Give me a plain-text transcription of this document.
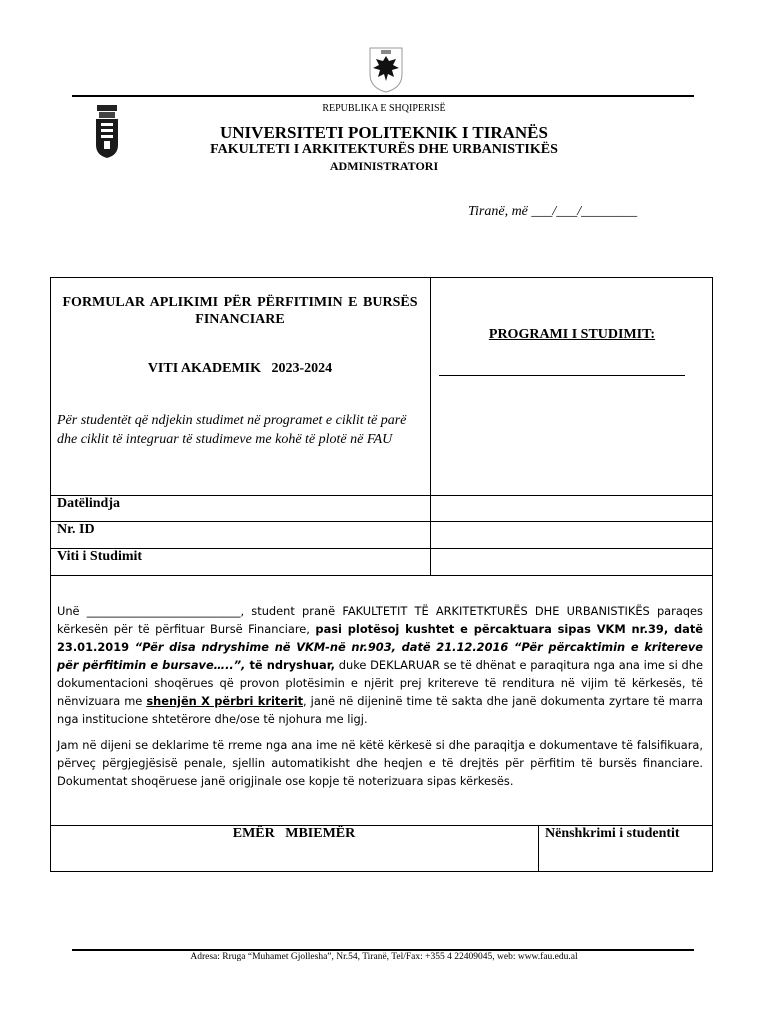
REPUBLIKA E SHQIPERISË
UNIVERSITETI POLITEKNIK I TIRANËS
FAKULTETI I ARKITEKTURËS DHE URBANISTIKËS
ADMINISTRATORI
Tiranë, më ___/___/________
FORMULAR APLIKIMI PËR PËRFITIMIN E BURSËS FINANCIARE
VITI AKADEMIK   2023-2024
Për studentët që ndjekin studimet në programet e ciklit të parë dhe ciklit të integruar të studimeve me kohë të plotë në FAU
PROGRAMI I STUDIMIT:
Datëlindja
Nr. ID
Viti i Studimit
Unë ___________________________, student pranë FAKULTETIT TË ARKITETKTURËS DHE URBANISTIKËS paraqes kërkesën për të përfituar Bursë Financiare, pasi plotësoj kushtet e përcaktuara sipas VKM nr.39, datë 23.01.2019 “Për disa ndryshime në VKM-në nr.903, datë 21.12.2016 “Për përcaktimin e kritereve për përfitimin e bursave…..”, të ndryshuar, duke DEKLARUAR se të dhënat e paraqitura nga ana ime si dhe dokumentacioni shoqërues që provon plotësimin e njërit prej kritereve të renditura në vijim të kërkesës, të nënvizuara me shenjën X përbri kriterit, janë në dijeninë time të sakta dhe janë dokumenta zyrtare të marra nga institucione shtetërore dhe/ose të njohura me ligj.
Jam në dijeni se deklarime të rreme nga ana ime në këtë kërkesë si dhe paraqitja e dokumentave të falsifikuara, përveç përgjegjësisë penale, sjellin automatikisht dhe heqjen e të drejtës për përfitim të bursës financiare. Dokumentat shoqëruese janë origjinale ose kopje të noterizuara sipas kërkesës.
EMËR   MBIEMËR	Nënshkrimi i studentit
Adresa: Rruga “Muhamet Gjollesha”, Nr.54, Tiranë, Tel/Fax: +355 4 22409045, web: www.fau.edu.al
